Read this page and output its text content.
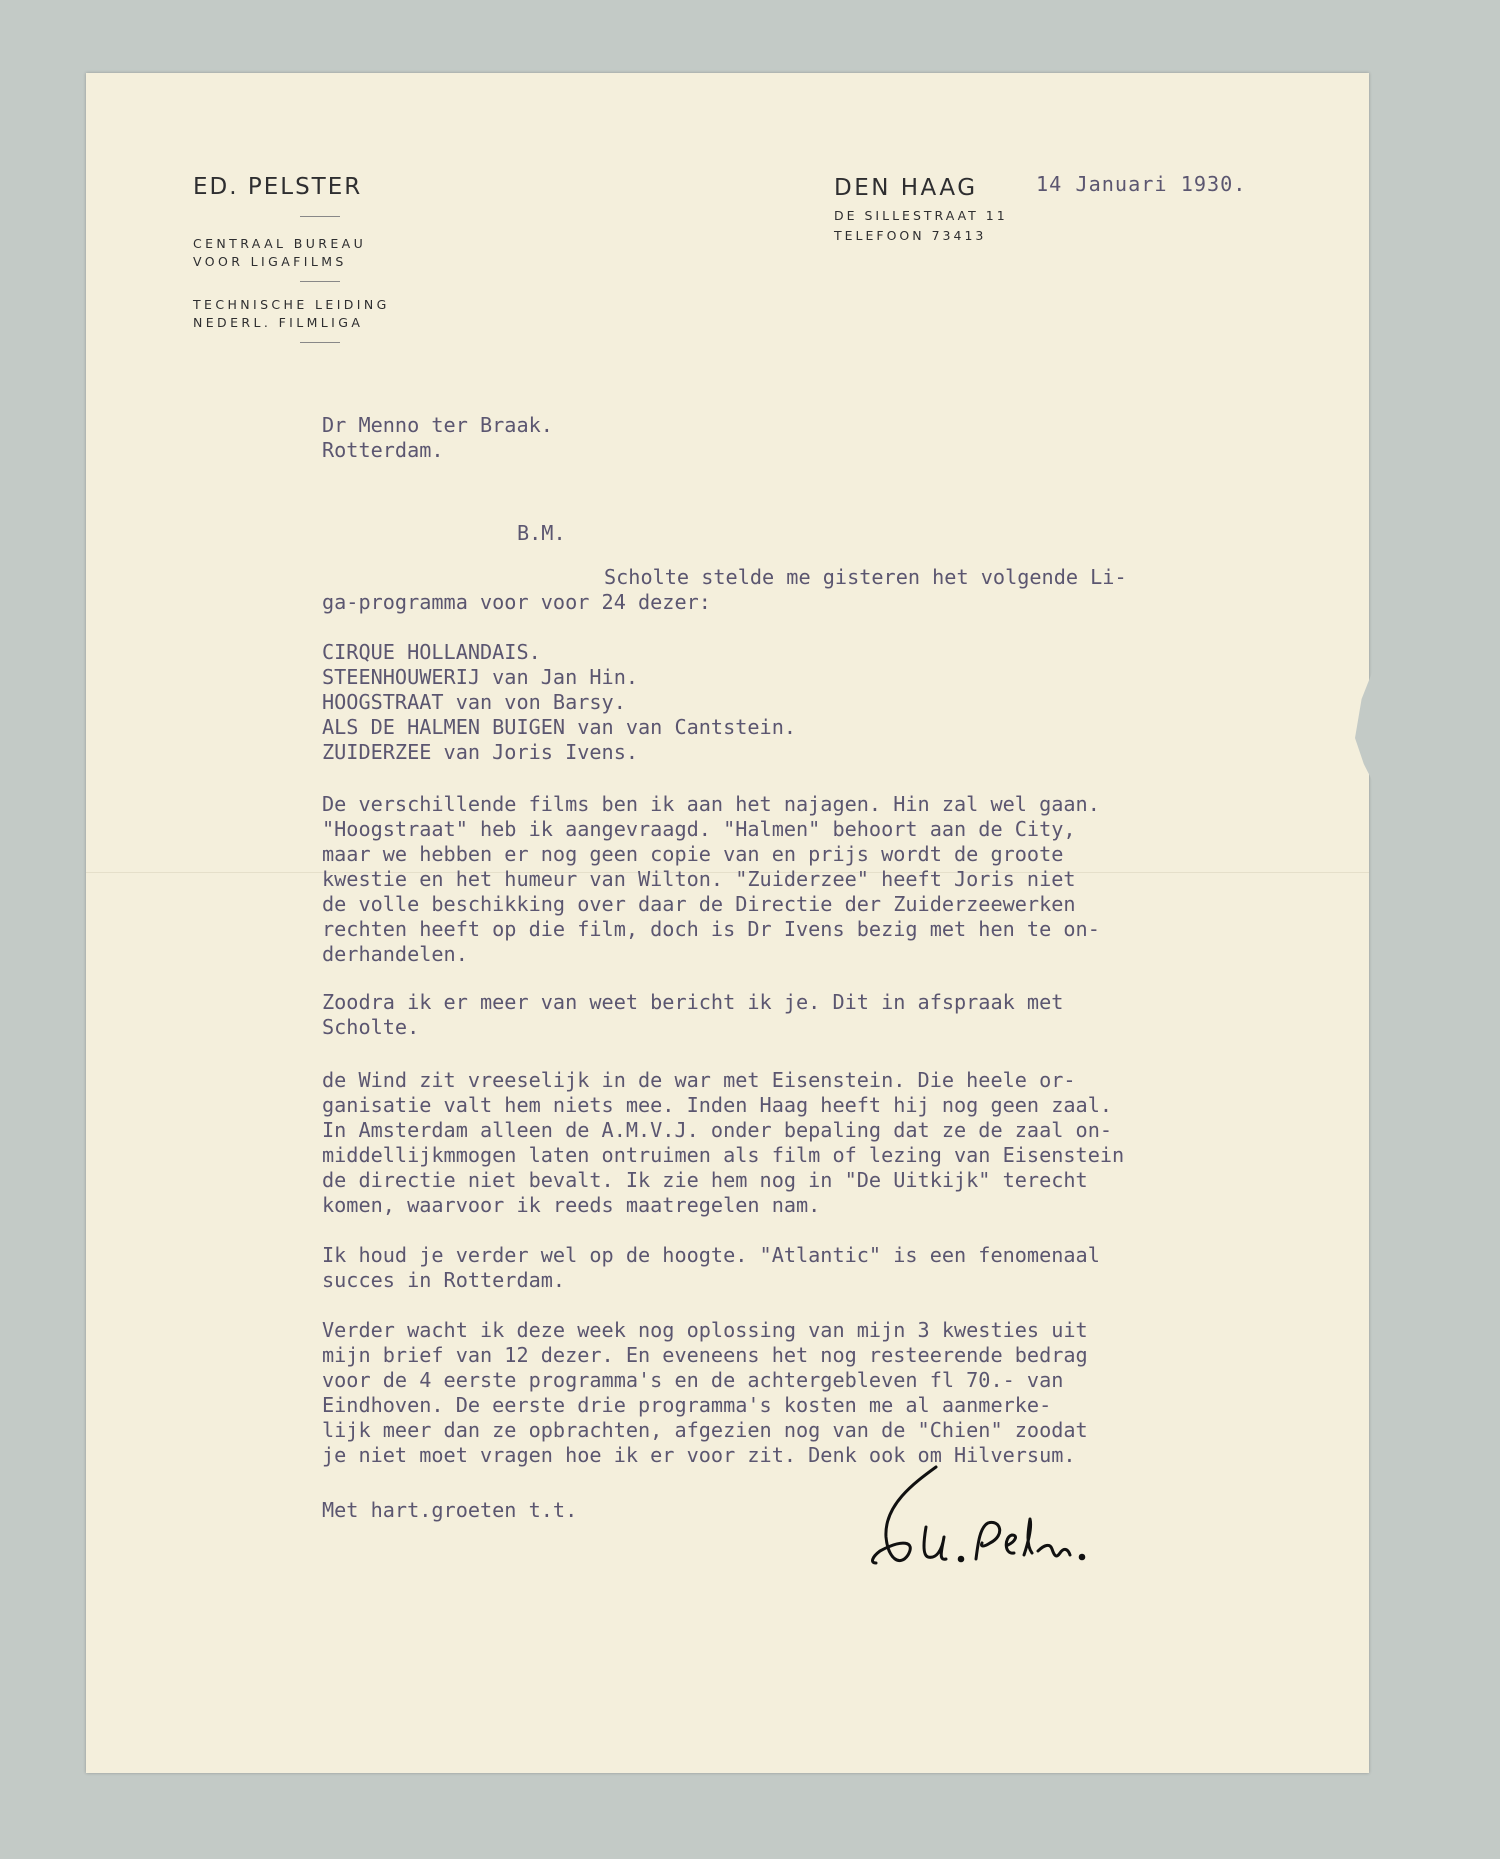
ED. PELSTER
CENTRAAL BUREAU
VOOR LIGAFILMS
TECHNISCHE LEIDING
NEDERL. FILMLIGA
DEN HAAG
DE SILLESTRAAT 11
TELEFOON 73413
14 Januari 1930.
Dr Menno ter Braak.
Rotterdam.
B.M.
Scholte stelde me gisteren het volgende Li-
ga-programma voor voor 24 dezer:
CIRQUE HOLLANDAIS.
STEENHOUWERIJ van Jan Hin.
HOOGSTRAAT van von Barsy.
ALS DE HALMEN BUIGEN van van Cantstein.
ZUIDERZEE van Joris Ivens.
De verschillende films ben ik aan het najagen. Hin zal wel gaan.
"Hoogstraat" heb ik aangevraagd. "Halmen" behoort aan de City,
maar we hebben er nog geen copie van en prijs wordt de groote
kwestie en het humeur van Wilton. "Zuiderzee" heeft Joris niet
de volle beschikking over daar de Directie der Zuiderzeewerken
rechten heeft op die film, doch is Dr Ivens bezig met hen te on-
derhandelen.
Zoodra ik er meer van weet bericht ik je. Dit in afspraak met
Scholte.
de Wind zit vreeselijk in de war met Eisenstein. Die heele or-
ganisatie valt hem niets mee. Inden Haag heeft hij nog geen zaal.
In Amsterdam alleen de A.M.V.J. onder bepaling dat ze de zaal on-
middellijkmmogen laten ontruimen als film of lezing van Eisenstein
de directie niet bevalt. Ik zie hem nog in "De Uitkijk" terecht
komen, waarvoor ik reeds maatregelen nam.
Ik houd je verder wel op de hoogte. "Atlantic" is een fenomenaal
succes in Rotterdam.
Verder wacht ik deze week nog oplossing van mijn 3 kwesties uit
mijn brief van 12 dezer. En eveneens het nog resteerende bedrag
voor de 4 eerste programma's en de achtergebleven fl 70.- van
Eindhoven. De eerste drie programma's kosten me al aanmerke-
lijk meer dan ze opbrachten, afgezien nog van de "Chien" zoodat
je niet moet vragen hoe ik er voor zit. Denk ook om Hilversum.
Met hart.groeten t.t.
